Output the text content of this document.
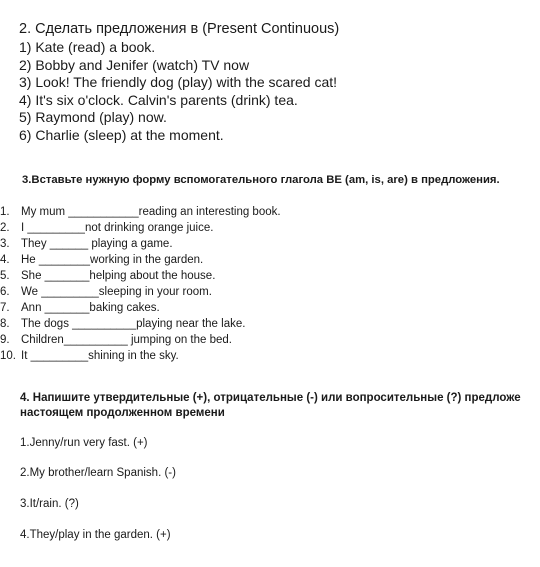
2. Сделать предложения в (Present Continuous)
1) Kate (read) a book.
2) Bobby and Jenifer (watch) TV now
3) Look! The friendly dog (play) with the scared cat!
4) It's six o'clock. Calvin's parents (drink) tea.
5) Raymond (play) now.
6) Charlie (sleep) at the moment.
3.Вставьте нужную форму вспомогательного глагола BE (am, is, are) в предложения.
1. My mum ___________reading an interesting book.
2. I _________not drinking orange juice.
3. They ______ playing a game.
4. He ________working in the garden.
5. She _______helping about the house.
6. We _________sleeping in your room.
7. Ann _______baking cakes.
8. The dogs __________playing near the lake.
9. Children__________ jumping on the bed.
10. It _________shining in the sky.
4. Напишите утвердительные (+), отрицательные (-) или вопросительные (?) предложе
настоящем продолженном времени
1.Jenny/run very fast. (+)
2.My brother/learn Spanish. (-)
3.It/rain. (?)
4.They/play in the garden. (+)
